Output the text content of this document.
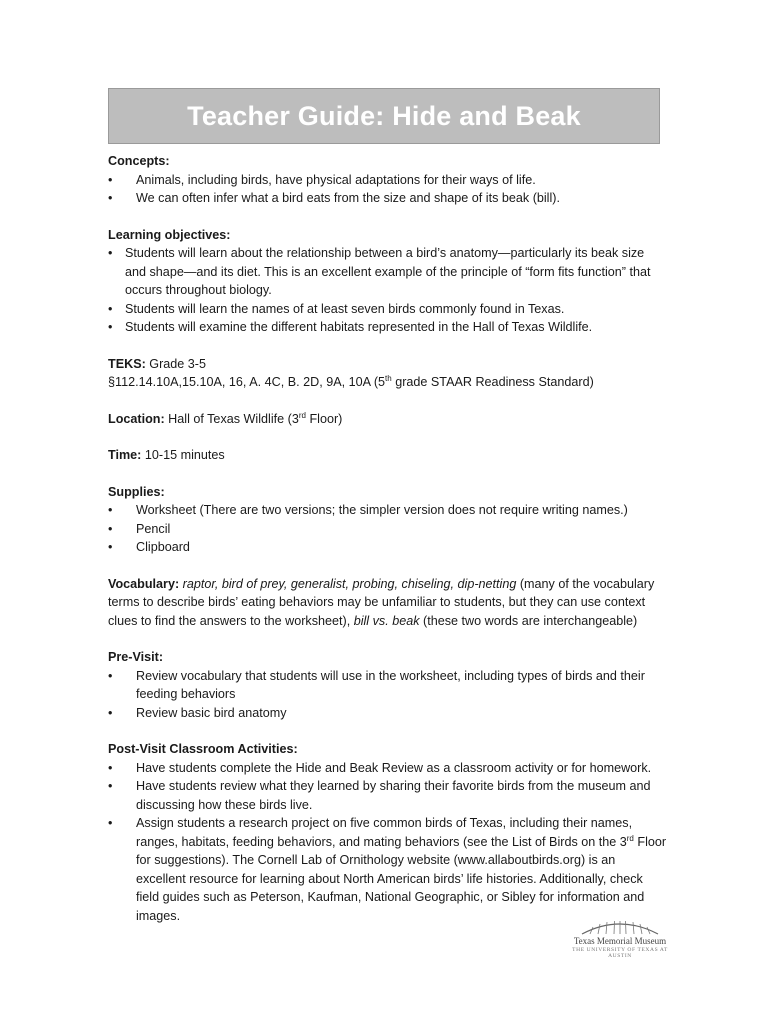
Teacher Guide: Hide and Beak
Concepts:
• Animals, including birds, have physical adaptations for their ways of life.
• We can often infer what a bird eats from the size and shape of its beak (bill).
Learning objectives:
• Students will learn about the relationship between a bird’s anatomy—particularly its beak size and shape—and its diet. This is an excellent example of the principle of “form fits function” that occurs throughout biology.
• Students will learn the names of at least seven birds commonly found in Texas.
• Students will examine the different habitats represented in the Hall of Texas Wildlife.
TEKS: Grade 3-5
§112.14.10A,15.10A, 16, A. 4C, B. 2D, 9A, 10A (5th grade STAAR Readiness Standard)
Location: Hall of Texas Wildlife (3rd Floor)
Time: 10-15 minutes
Supplies:
• Worksheet (There are two versions; the simpler version does not require writing names.)
• Pencil
• Clipboard
Vocabulary: raptor, bird of prey, generalist, probing, chiseling, dip-netting (many of the vocabulary terms to describe birds’ eating behaviors may be unfamiliar to students, but they can use context clues to find the answers to the worksheet), bill vs. beak (these two words are interchangeable)
Pre-Visit:
• Review vocabulary that students will use in the worksheet, including types of birds and their feeding behaviors
• Review basic bird anatomy
Post-Visit Classroom Activities:
• Have students complete the Hide and Beak Review as a classroom activity or for homework.
• Have students review what they learned by sharing their favorite birds from the museum and discussing how these birds live.
• Assign students a research project on five common birds of Texas, including their names, ranges, habitats, feeding behaviors, and mating behaviors (see the List of Birds on the 3rd Floor for suggestions). The Cornell Lab of Ornithology website (www.allaboutbirds.org) is an excellent resource for learning about North American birds’ life histories. Additionally, check field guides such as Peterson, Kaufman, National Geographic, or Sibley for information and images.
Texas Memorial Museum
THE UNIVERSITY OF TEXAS AT AUSTIN
